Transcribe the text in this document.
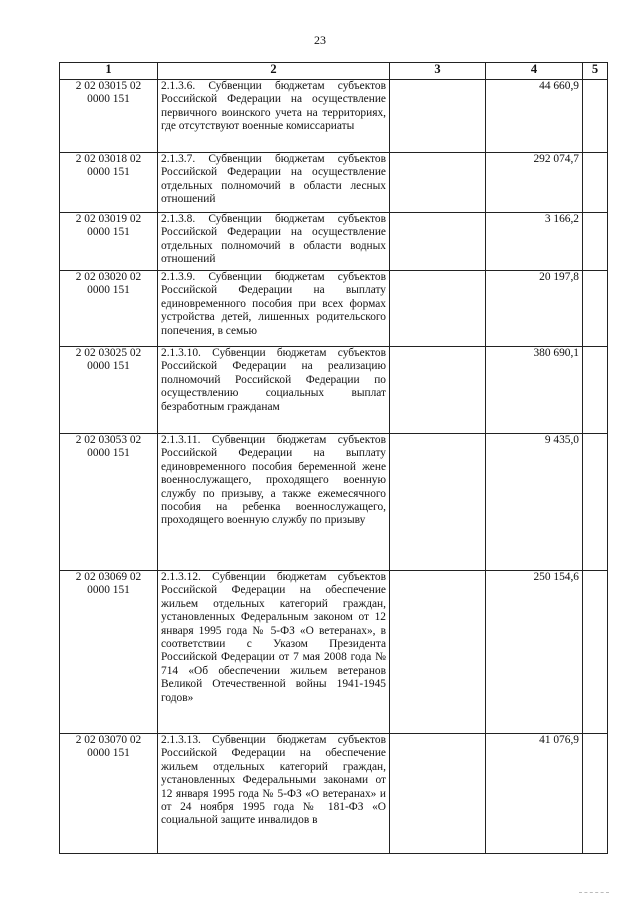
23
1	2	3	4	5
2 02 03015 02 0000 151	2.1.3.6. Субвенции бюджетам субъектов Российской Федерации на осуществление первичного воинского учета на территориях, где отсутствуют военные комиссариаты		44 660,9	
2 02 03018 02 0000 151	2.1.3.7. Субвенции бюджетам субъектов Российской Федерации на осуществление отдельных полномочий в области лесных отношений		292 074,7	
2 02 03019 02 0000 151	2.1.3.8. Субвенции бюджетам субъектов Российской Федерации на осуществление отдельных полномочий в области водных отношений		3 166,2	
2 02 03020 02 0000 151	2.1.3.9. Субвенции бюджетам субъектов Российской Федерации на выплату единовременного пособия при всех формах устройства детей, лишенных родительского попечения, в семью		20 197,8	
2 02 03025 02 0000 151	2.1.3.10. Субвенции бюджетам субъектов Российской Федерации на реализацию полномочий Российской Федерации по осуществлению социальных выплат безработным гражданам		380 690,1	
2 02 03053 02 0000 151	2.1.3.11. Субвенции бюджетам субъектов Российской Федерации на выплату единовременного пособия беременной жене военнослужащего, проходящего военную службу по призыву, а также ежемесячного пособия на ребенка военнослужащего, проходящего военную службу по призыву		9 435,0	
2 02 03069 02 0000 151	2.1.3.12. Субвенции бюджетам субъектов Российской Федерации на обеспечение жильем отдельных категорий граждан, установленных Федеральным законом от 12 января 1995 года № 5-ФЗ «О ветеранах», в соответствии с Указом Президента Российской Федерации от 7 мая 2008 года № 714 «Об обеспечении жильем ветеранов Великой Отечественной войны 1941-1945 годов»		250 154,6	
2 02 03070 02 0000 151	2.1.3.13. Субвенции бюджетам субъектов Российской Федерации на обеспечение жильем отдельных категорий граждан, установленных Федеральными законами от 12 января 1995 года № 5-ФЗ «О ветеранах» и от 24 ноября 1995 года № 181-ФЗ «О социальной защите инвалидов в		41 076,9	
